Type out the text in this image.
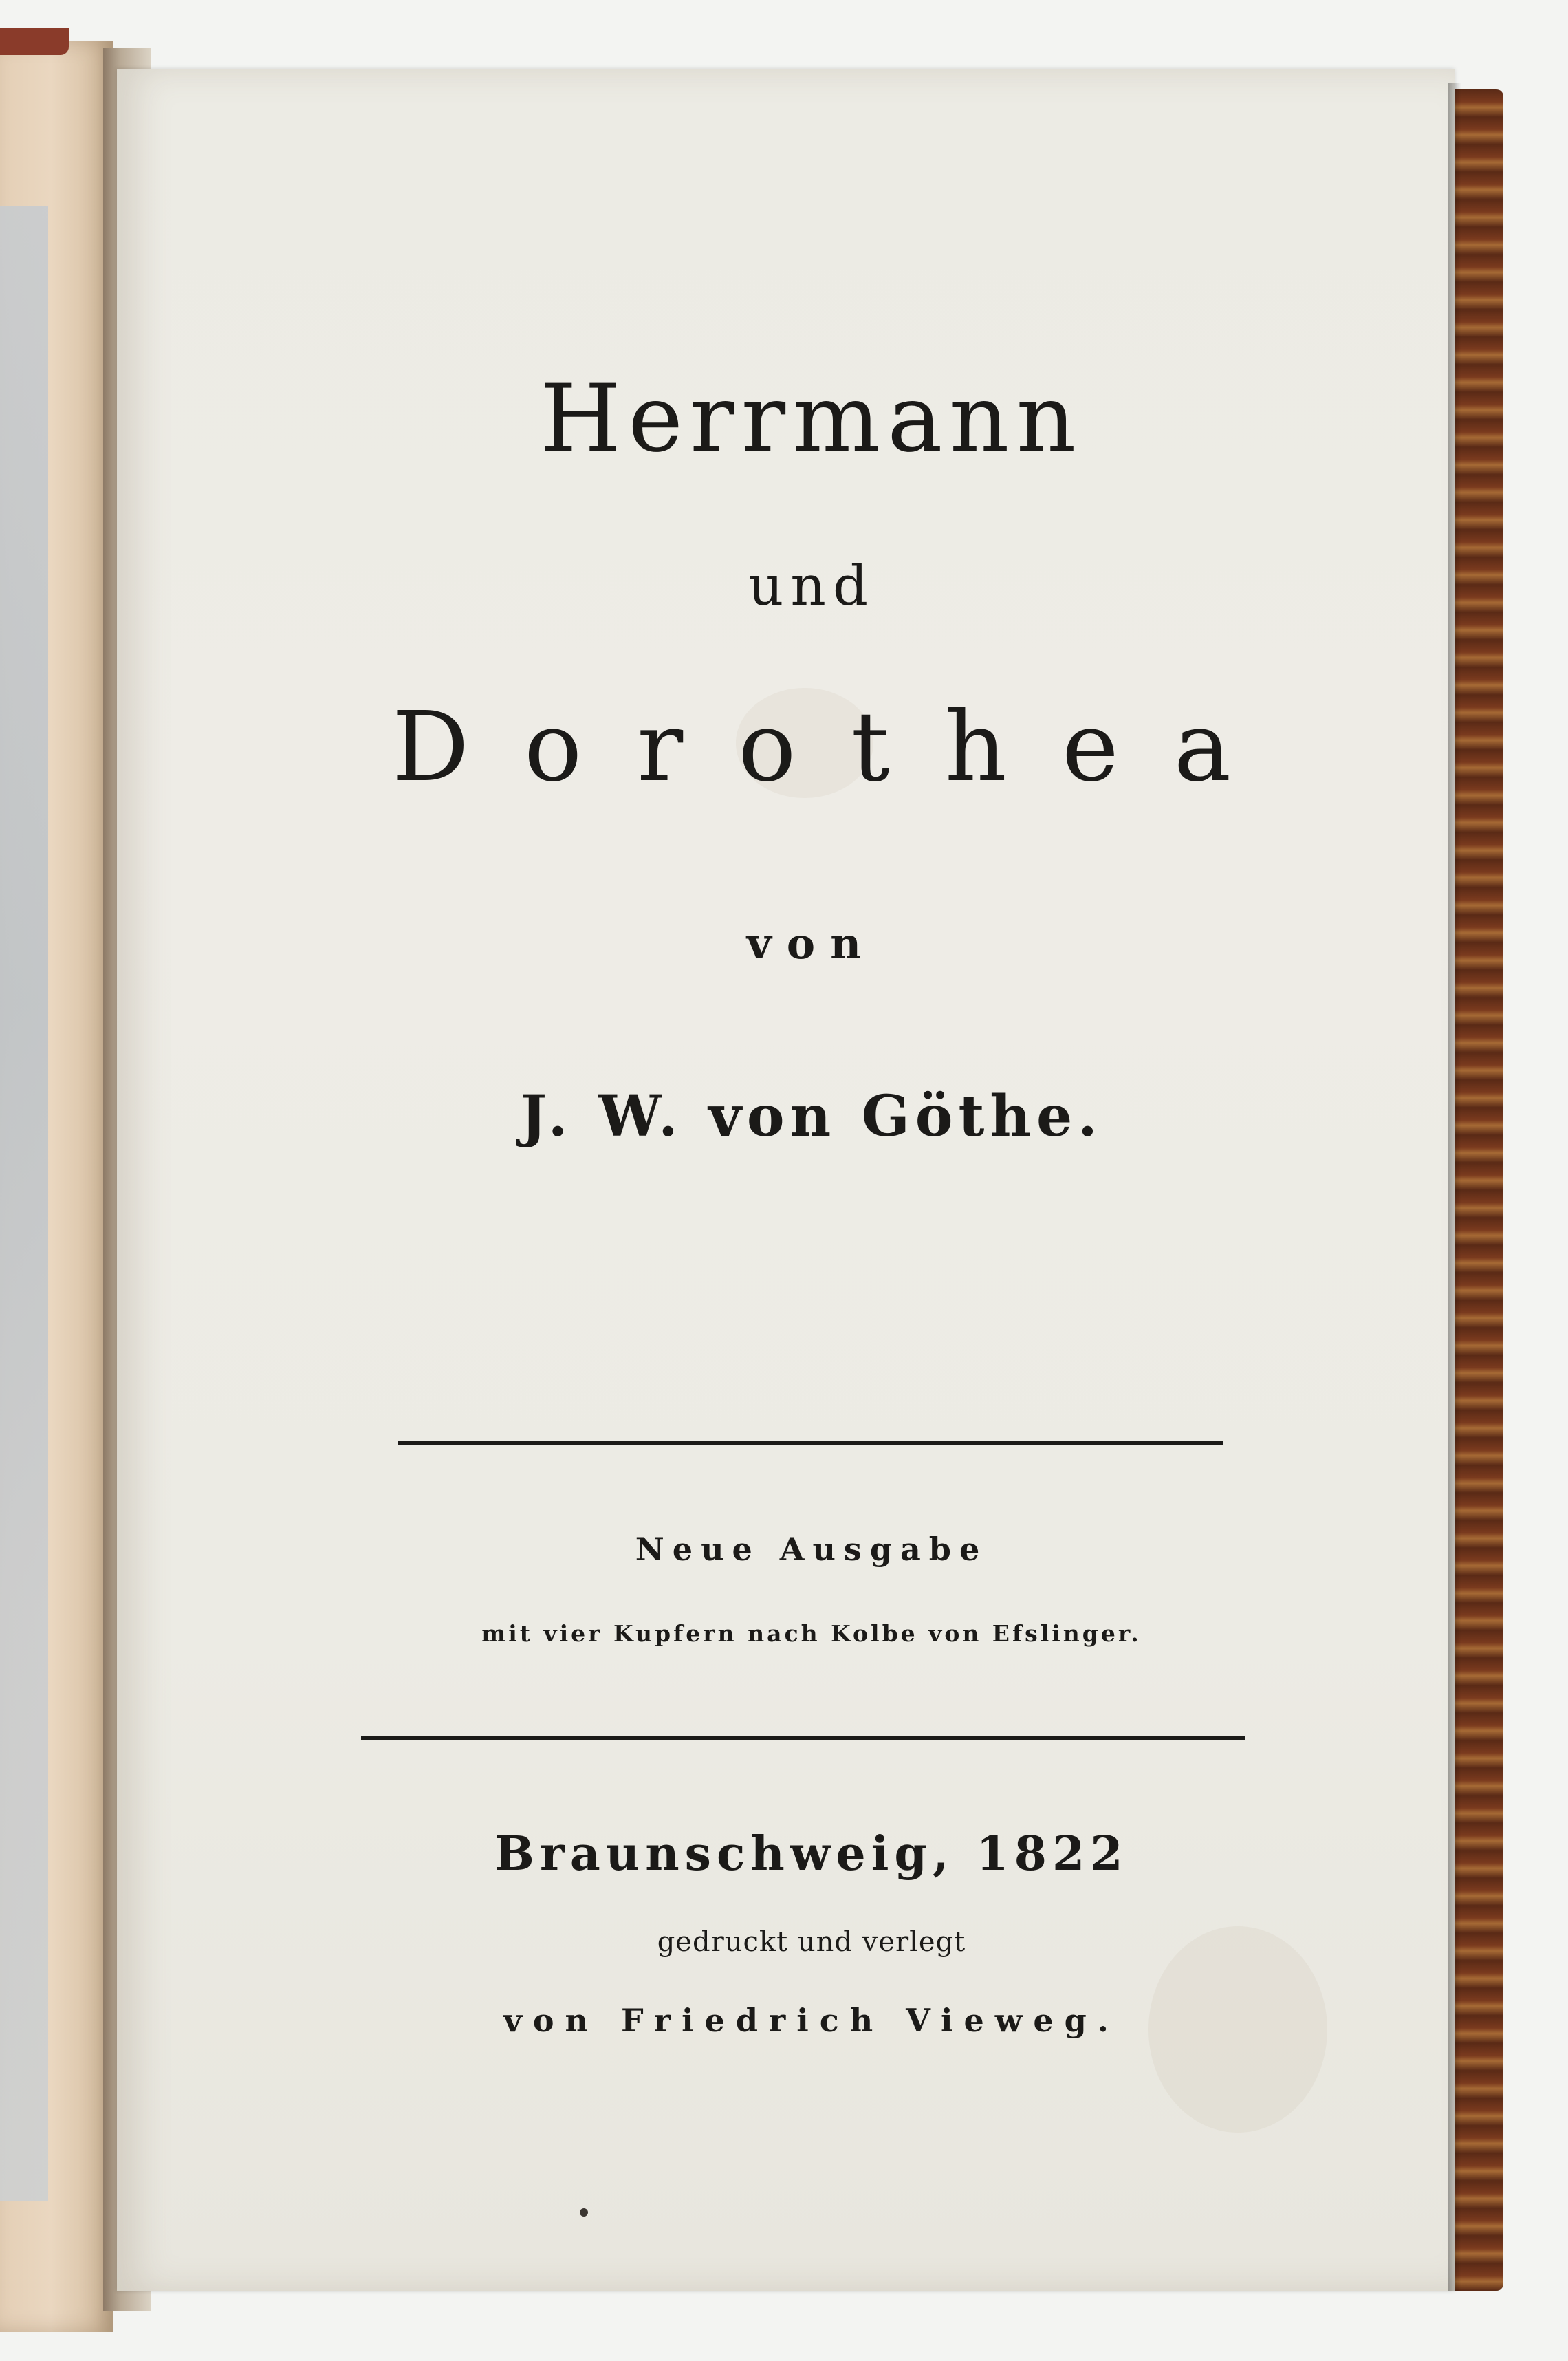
Herrmann
und
Dorothea
von
J. W. von Göthe.
Neue Ausgabe
mit vier Kupfern nach Kolbe von Efslinger.
Braunschweig, 1822
gedruckt und verlegt
von Friedrich Vieweg.
